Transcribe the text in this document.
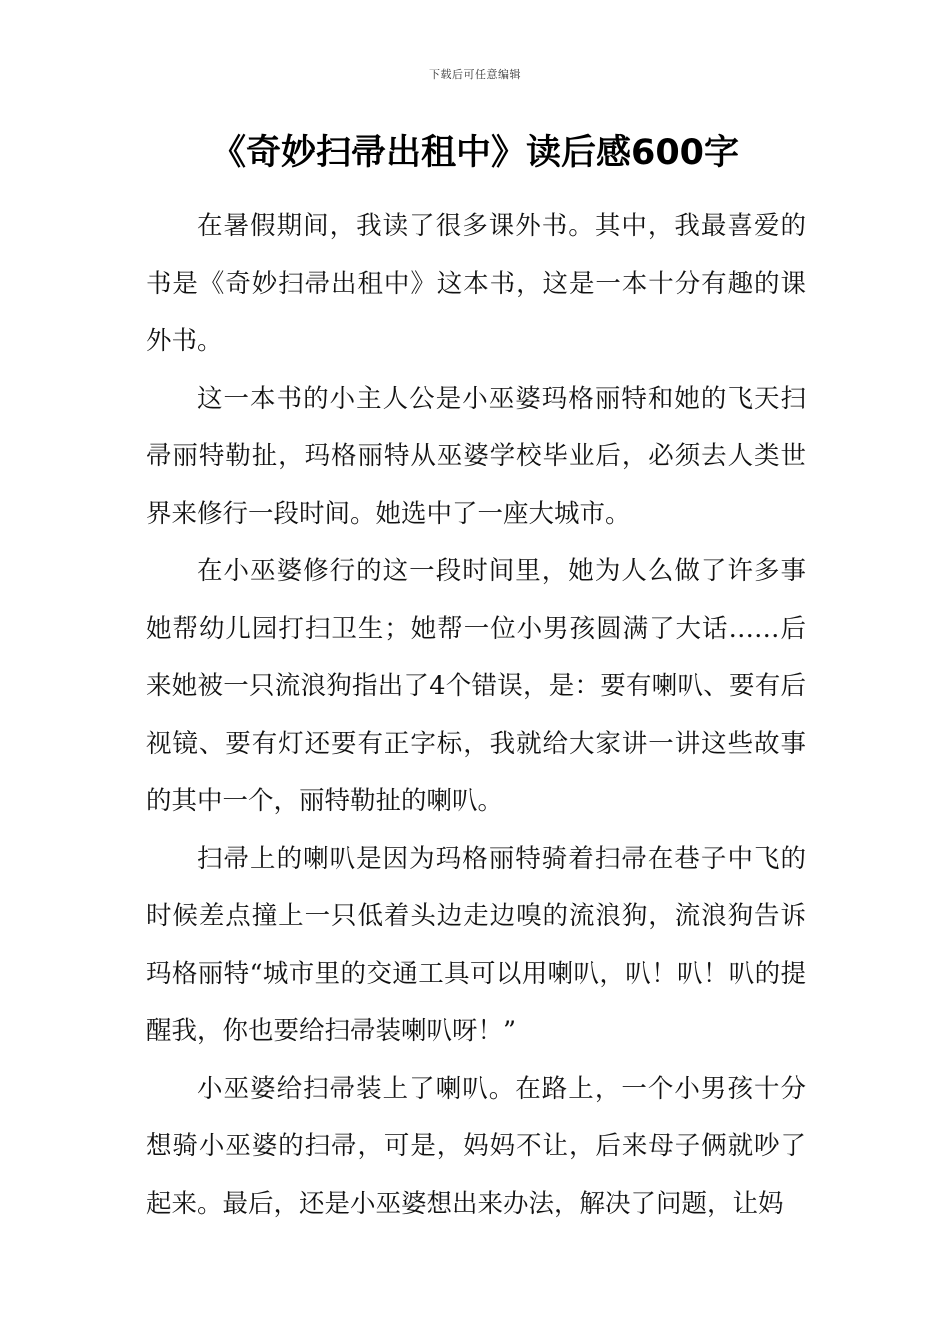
下载后可任意编辑
《奇妙扫帚出租中》读后感600字

在暑假期间，我读了很多课外书。其中，我最喜爱的书是《奇妙扫帚出租中》这本书，这是一本十分有趣的课外书。

这一本书的小主人公是小巫婆玛格丽特和她的飞天扫帚丽特勒扯，玛格丽特从巫婆学校毕业后，必须去人类世界来修行一段时间。她选中了一座大城市。

在小巫婆修行的这一段时间里，她为人么做了许多事她帮幼儿园打扫卫生；她帮一位小男孩圆满了大话……后来她被一只流浪狗指出了4个错误，是：要有喇叭、要有后视镜、要有灯还要有正字标，我就给大家讲一讲这些故事的其中一个，丽特勒扯的喇叭。

扫帚上的喇叭是因为玛格丽特骑着扫帚在巷子中飞的时候差点撞上一只低着头边走边嗅的流浪狗，流浪狗告诉玛格丽特“城市里的交通工具可以用喇叭，叭！叭！叭的提醒我，你也要给扫帚装喇叭呀！”

小巫婆给扫帚装上了喇叭。在路上，一个小男孩十分想骑小巫婆的扫帚，可是，妈妈不让，后来母子俩就吵了起来。最后，还是小巫婆想出来办法，解决了问题，让妈
